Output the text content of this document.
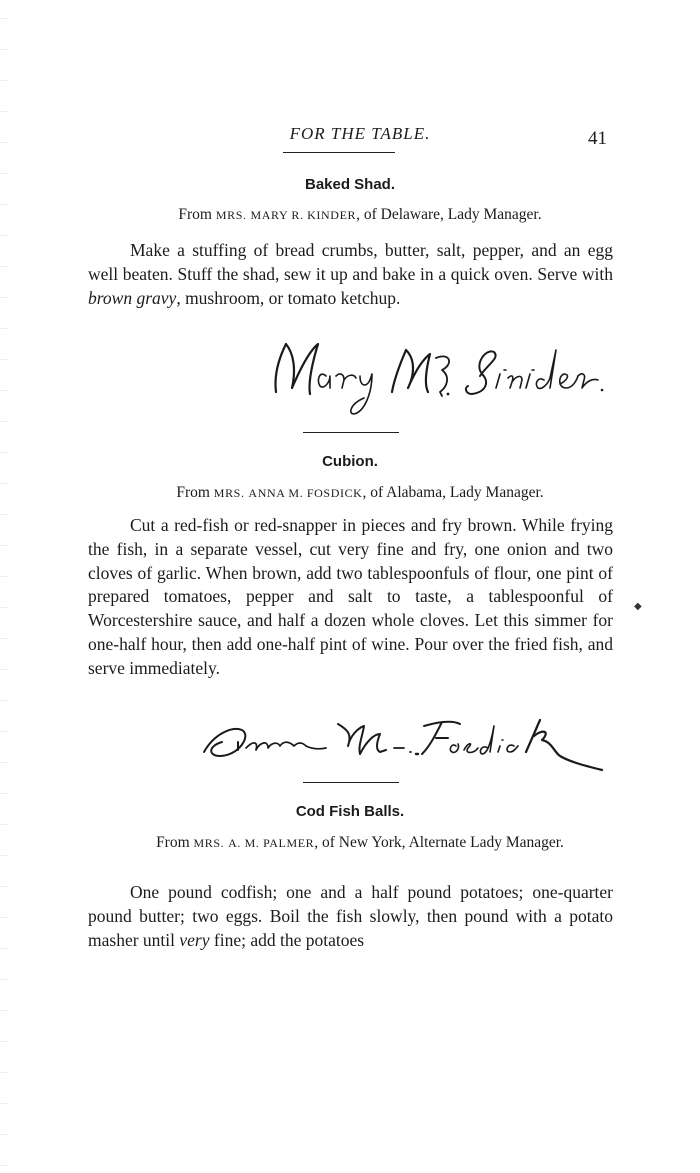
FOR THE TABLE.	41
Baked Shad.
From MRS. MARY R. KINDER, of Delaware, Lady Manager.

Make a stuffing of bread crumbs, butter, salt, pepper, and an egg well beaten. Stuff the shad, sew it up and bake in a quick oven. Serve with brown gravy, mushroom, or tomato ketchup.

Cubion.
From MRS. ANNA M. FOSDICK, of Alabama, Lady Manager.

Cut a red-fish or red-snapper in pieces and fry brown. While frying the fish, in a separate vessel, cut very fine and fry, one onion and two cloves of garlic. When brown, add two tablespoonfuls of flour, one pint of prepared tomatoes, pepper and salt to taste, a tablespoonful of Worcestershire sauce, and half a dozen whole cloves. Let this simmer for one-half hour, then add one-half pint of wine. Pour over the fried fish, and serve immediately.

◆
Cod Fish Balls.
From MRS. A. M. PALMER, of New York, Alternate Lady Manager.

One pound codfish; one and a half pound potatoes; one-quarter pound butter; two eggs. Boil the fish slowly, then pound with a potato masher until very fine; add the potatoes
